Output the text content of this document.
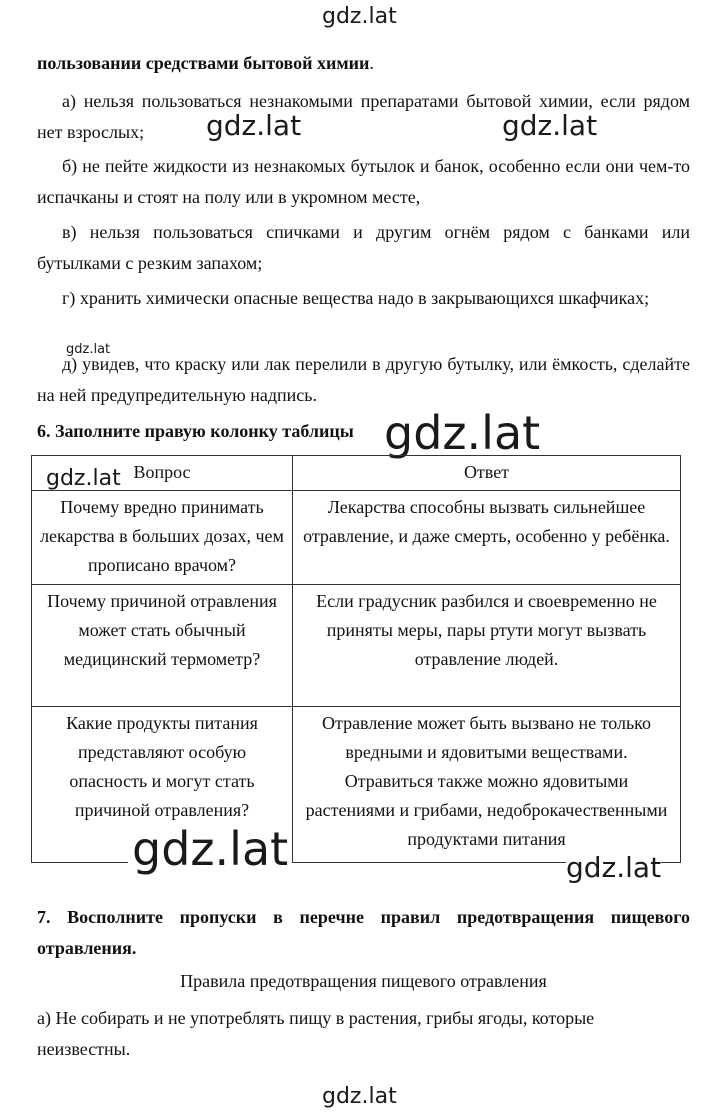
gdz.lat
пользовании средствами бытовой химии.
а) нельзя пользоваться незнакомыми препаратами бытовой химии, если рядом нет взрослых;	gdz.lat	gdz.lat
б) не пейте жидкости из незнакомых бутылок и банок, особенно если они чем-то испачканы и стоят на полу или в укромном месте,
в) нельзя пользоваться спичками и другим огнём рядом с банками или бутылками с резким запахом;
г) хранить химически опасные вещества надо в закрывающихся шкафчиках;
д) увидев, что краску или лак перелили в другую бутылку, или ёмкость, сделайте на ней предупредительную надпись.
gdz.lat
6. Заполните правую колонку таблицы gdz.lat
Вопрос	Ответ
Почему вредно принимать лекарства в больших дозах, чем прописано врачом?	Лекарства способны вызвать сильнейшее отравление, и даже смерть, особенно у ребёнка.
Почему причиной отравления может стать обычный медицинский термометр?	Если градусник разбился и своевременно не приняты меры, пары ртути могут вызвать отравление людей.
Какие продукты питания представляют особую опасность и могут стать причиной отравления?	Отравление может быть вызвано не только вредными и ядовитыми веществами. Отравиться также можно ядовитыми растениями и грибами, недоброкачественными продуктами питания
gdz.lat
gdz.lat	gdz.lat
7. Восполните пропуски в перечне правил предотвращения пищевого отравления.
Правила предотвращения пищевого отравления
а) Не собирать и не употреблять пищу в растения, грибы ягоды, которые неизвестны.
gdz.lat
